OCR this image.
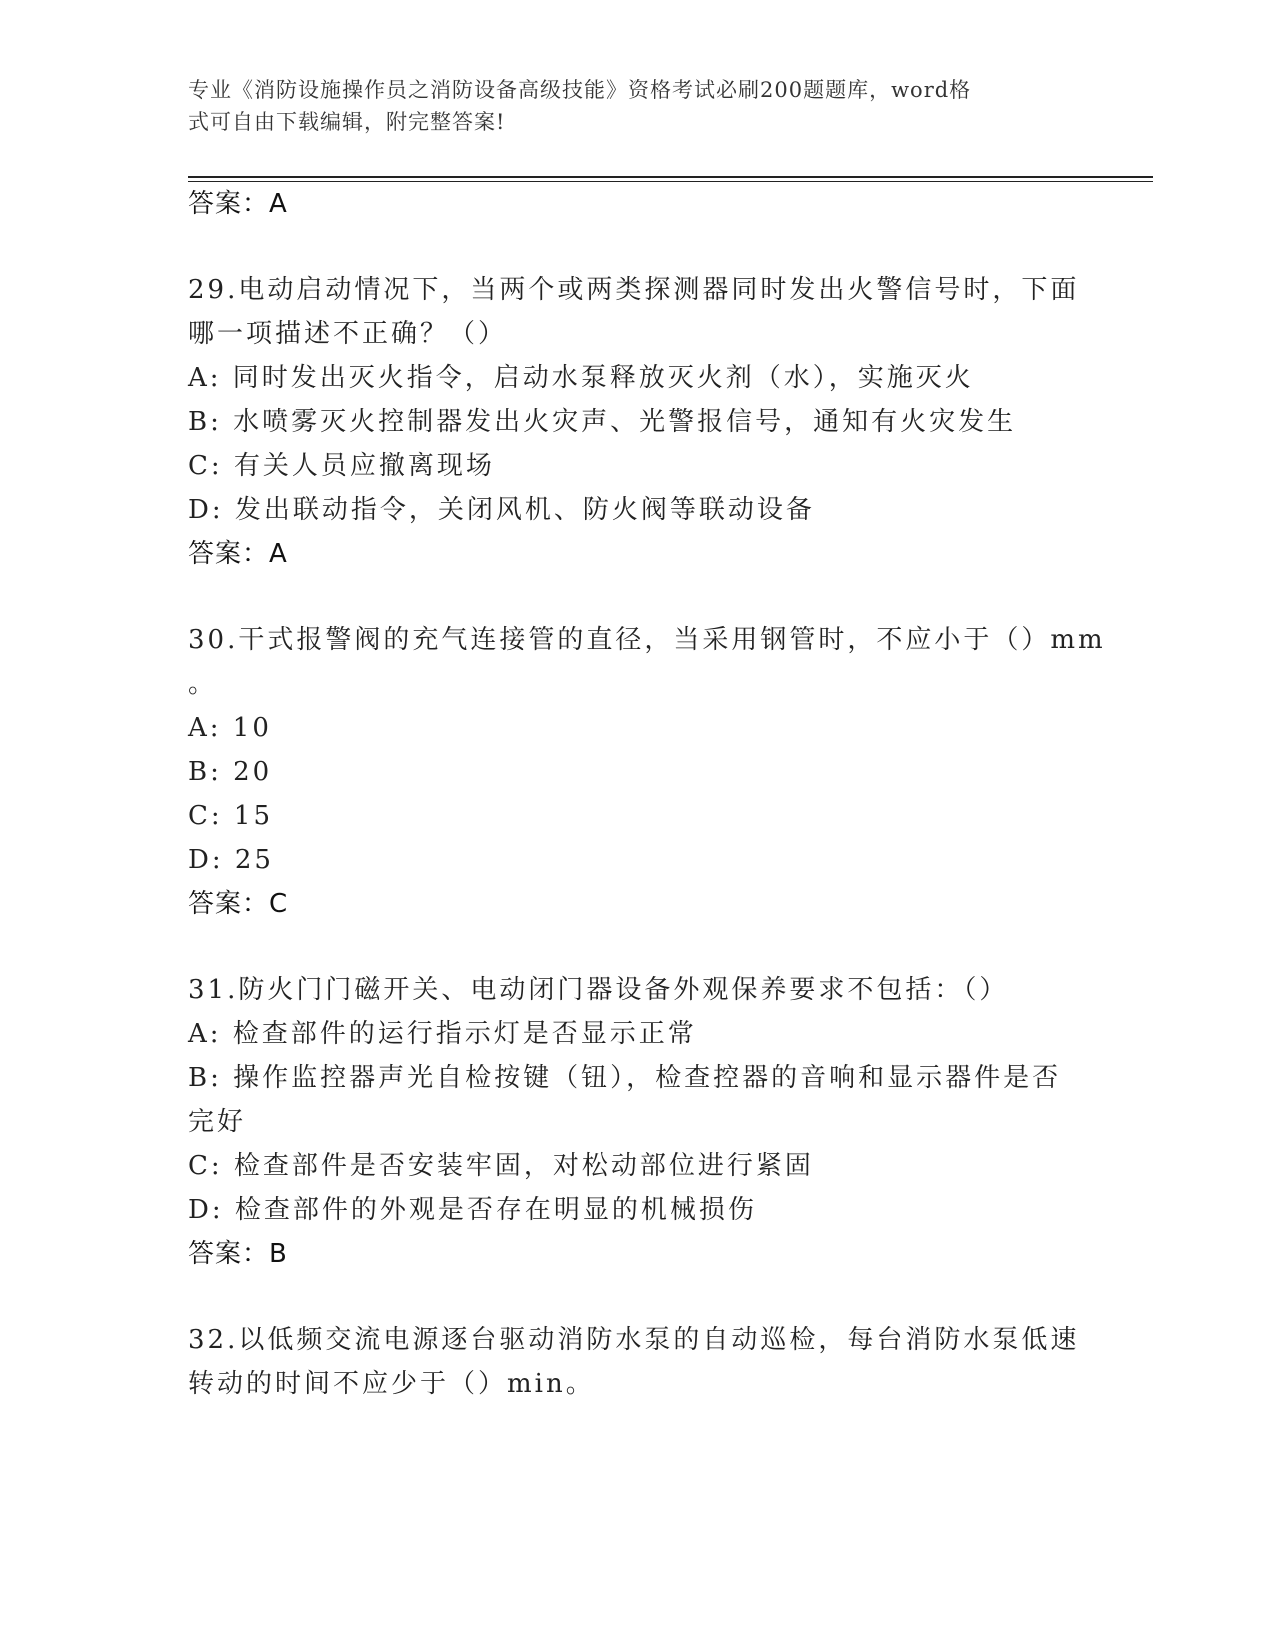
专业《消防设施操作员之消防设备高级技能》资格考试必刷200题题库，word格
式可自由下载编辑，附完整答案!
答案：A
29.电动启动情况下，当两个或两类探测器同时发出火警信号时，下面
哪一项描述不正确？（）
A: 同时发出灭火指令，启动水泵释放灭火剂（水），实施灭火
B: 水喷雾灭火控制器发出火灾声、光警报信号，通知有火灾发生
C: 有关人员应撤离现场
D: 发出联动指令，关闭风机、防火阀等联动设备
答案：A
30.干式报警阀的充气连接管的直径，当采用钢管时，不应小于（）mm
。
A: 10
B: 20
C: 15
D: 25
答案：C
31.防火门门磁开关、电动闭门器设备外观保养要求不包括：（）
A: 检查部件的运行指示灯是否显示正常
B: 操作监控器声光自检按键（钮），检查控器的音响和显示器件是否
完好
C: 检查部件是否安装牢固，对松动部位进行紧固
D: 检查部件的外观是否存在明显的机械损伤
答案：B
32.以低频交流电源逐台驱动消防水泵的自动巡检，每台消防水泵低速
转动的时间不应少于（）min。
